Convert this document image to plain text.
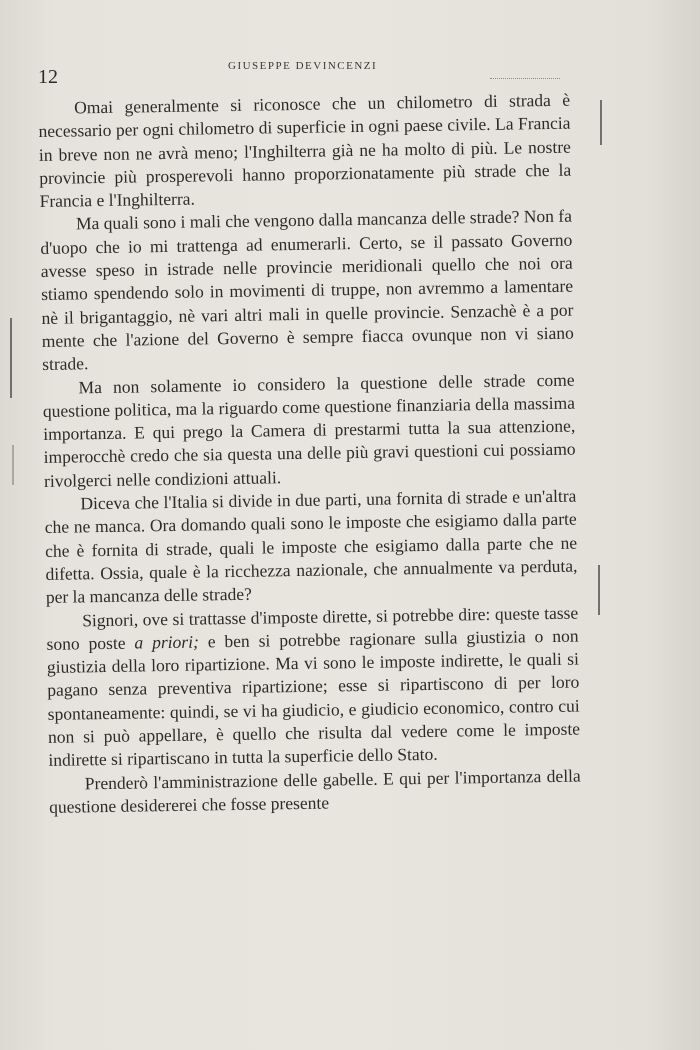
12	GIUSEPPE DEVINCENZI

Omai generalmente si riconosce che un chilometro di strada è necessario per ogni chilometro di superficie in ogni paese civile. La Francia in breve non ne avrà meno; l'Inghilterra già ne ha molto di più. Le nostre provincie più prosperevoli hanno proporzionatamente più strade che la Francia e l'Inghilterra.

Ma quali sono i mali che vengono dalla mancanza delle strade? Non fa d'uopo che io mi trattenga ad enumerarli. Certo, se il passato Governo avesse speso in istrade nelle provincie meridionali quello che noi ora stiamo spendendo solo in movimenti di truppe, non avremmo a lamentare nè il brigantaggio, nè vari altri mali in quelle provincie. Senzachè è a por mente che l'azione del Governo è sempre fiacca ovunque non vi siano strade.

Ma non solamente io considero la questione delle strade come questione politica, ma la riguardo come questione finanziaria della massima importanza. E qui prego la Camera di prestarmi tutta la sua attenzione, imperocchè credo che sia questa una delle più gravi questioni cui possiamo rivolgerci nelle condizioni attuali.

Diceva che l'Italia si divide in due parti, una fornita di strade e un'altra che ne manca. Ora domando quali sono le imposte che esigiamo dalla parte che è fornita di strade, quali le imposte che esigiamo dalla parte che ne difetta. Ossia, quale è la ricchezza nazionale, che annualmente va perduta, per la mancanza delle strade?

Signori, ove si trattasse d'imposte dirette, si potrebbe dire: queste tasse sono poste a priori; e ben si potrebbe ragionare sulla giustizia o non giustizia della loro ripartizione. Ma vi sono le imposte indirette, le quali si pagano senza preventiva ripartizione; esse si ripartiscono di per loro spontaneamente: quindi, se vi ha giudicio, e giudicio economico, contro cui non si può appellare, è quello che risulta dal vedere come le imposte indirette si ripartiscano in tutta la superficie dello Stato.

Prenderò l'amministrazione delle gabelle. E qui per l'importanza della questione desidererei che fosse presente
